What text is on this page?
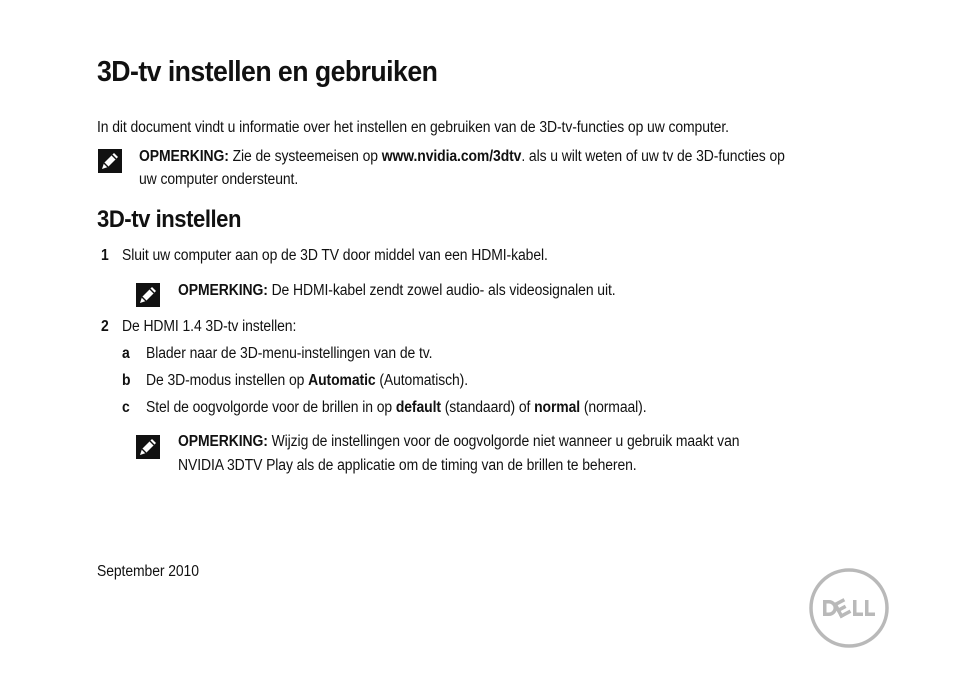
3D-tv instellen en gebruiken
In dit document vindt u informatie over het instellen en gebruiken van de 3D-tv-functies op uw computer.
OPMERKING: Zie de systeemeisen op www.nvidia.com/3dtv. als u wilt weten of uw tv de 3D-functies op
uw computer ondersteunt.
3D-tv instellen
1 Sluit uw computer aan op de 3D TV door middel van een HDMI-kabel.
OPMERKING: De HDMI-kabel zendt zowel audio- als videosignalen uit.
2 De HDMI 1.4 3D-tv instellen:
a Blader naar de 3D-menu-instellingen van de tv.
b De 3D-modus instellen op Automatic (Automatisch).
c Stel de oogvolgorde voor de brillen in op default (standaard) of normal (normaal).
OPMERKING: Wijzig de instellingen voor de oogvolgorde niet wanneer u gebruik maakt van
NVIDIA 3DTV Play als de applicatie om de timing van de brillen te beheren.
September 2010
